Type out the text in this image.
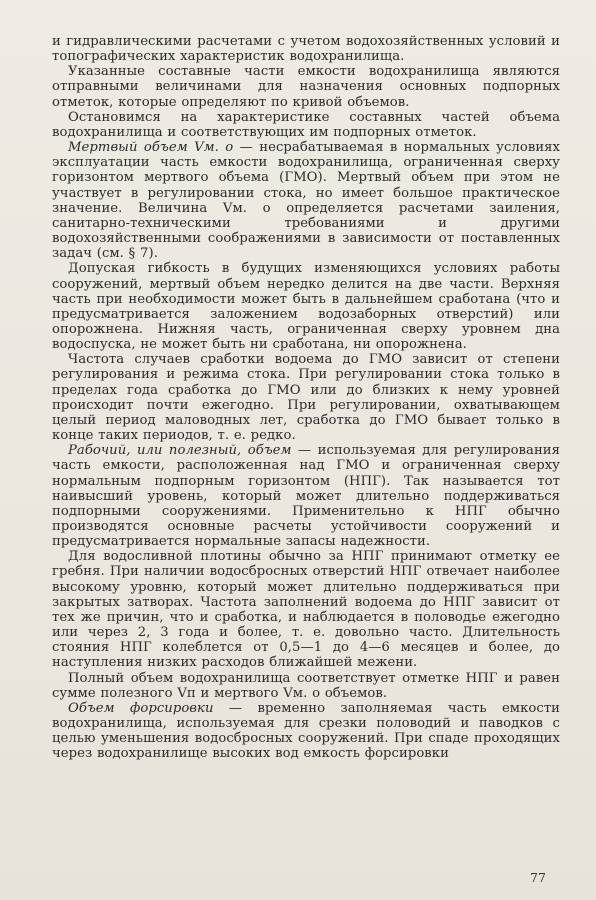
и гидравлическими расчетами с учетом водохозяйственных условий и топографических характеристик водохранилища.

Указанные составные части емкости водохранилища являются отправными величинами для назначения основных подпорных отметок, которые определяют по кривой объемов.

Остановимся на характеристике составных частей объема водохранилища и соответствующих им подпорных отметок.

Мертвый объем Vм. о — несрабатываемая в нормальных условиях эксплуатации часть емкости водохранилища, ограниченная сверху горизонтом мертвого объема (ГМО). Мертвый объем при этом не участвует в регулировании стока, но имеет большое практическое значение. Величина Vм. о определяется расчетами заиления, санитарно-техническими требованиями и другими водохозяйственными соображениями в зависимости от поставленных задач (см. § 7).

Допуская гибкость в будущих изменяющихся условиях работы сооружений, мертвый объем нередко делится на две части. Верхняя часть при необходимости может быть в дальнейшем сработана (что и предусматривается заложением водозаборных отверстий) или опорожнена. Нижняя часть, ограниченная сверху уровнем дна водоспуска, не может быть ни сработана, ни опорожнена.

Частота случаев сработки водоема до ГМО зависит от степени регулирования и режима стока. При регулировании стока только в пределах года сработка до ГМО или до близких к нему уровней происходит почти ежегодно. При регулировании, охватывающем целый период маловодных лет, сработка до ГМО бывает только в конце таких периодов, т. е. редко.

Рабочий, или полезный, объем — используемая для регулирования часть емкости, расположенная над ГМО и ограниченная сверху нормальным подпорным горизонтом (НПГ). Так называется тот наивысший уровень, который может длительно поддерживаться подпорными сооружениями. Применительно к НПГ обычно производятся основные расчеты устойчивости сооружений и предусматривается нормальные запасы надежности.

Для водосливной плотины обычно за НПГ принимают отметку ее гребня. При наличии водосбросных отверстий НПГ отвечает наиболее высокому уровню, который может длительно поддерживаться при закрытых затворах. Частота заполнений водоема до НПГ зависит от тех же причин, что и сработка, и наблюдается в половодье ежегодно или через 2, 3 года и более, т. е. довольно часто. Длительность стояния НПГ колеблется от 0,5—1 до 4—6 месяцев и более, до наступления низких расходов ближайшей межени.

Полный объем водохранилища соответствует отметке НПГ и равен сумме полезного Vп и мертвого Vм. о объемов.

Объем форсировки — временно заполняемая часть емкости водохранилища, используемая для срезки половодий и паводков с целью уменьшения водосбросных сооружений. При спаде проходящих через водохранилище высоких вод емкость форсировки

77
